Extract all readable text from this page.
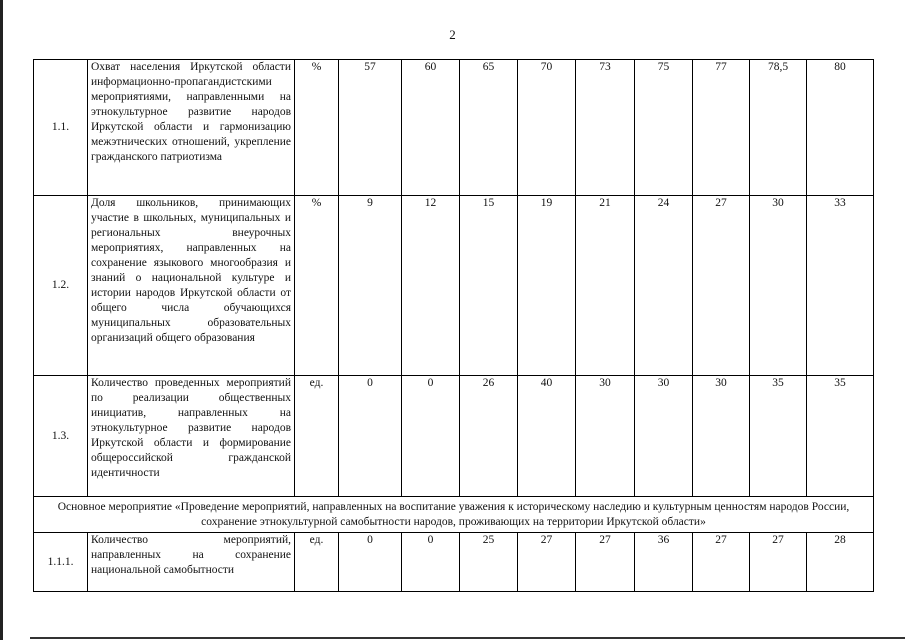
2
1.1.	Охват населения Иркутской области информационно-пропагандистскими мероприятиями, направленными на этнокультурное развитие народов Иркутской области и гармонизацию межэтнических отношений, укрепление гражданского патриотизма	%	57	60	65	70	73	75	77	78,5	80
1.2.	Доля школьников, принимающих участие в школьных, муниципальных и региональных внеурочных мероприятиях, направленных на сохранение языкового многообразия и знаний о национальной культуре и истории народов Иркутской области от общего числа обучающихся муниципальных образовательных организаций общего образования	%	9	12	15	19	21	24	27	30	33
1.3.	Количество проведенных мероприятий по реализации общественных инициатив, направленных на этнокультурное развитие народов Иркутской области и формирование общероссийской гражданской идентичности	ед.	0	0	26	40	30	30	30	35	35
Основное мероприятие «Проведение мероприятий, направленных на воспитание уважения к историческому наследию и культурным ценностям народов России, сохранение этнокультурной самобытности народов, проживающих на территории Иркутской области»											
1.1.1.	Количество мероприятий, направленных на сохранение национальной самобытности	ед.	0	0	25	27	27	36	27	27	28
